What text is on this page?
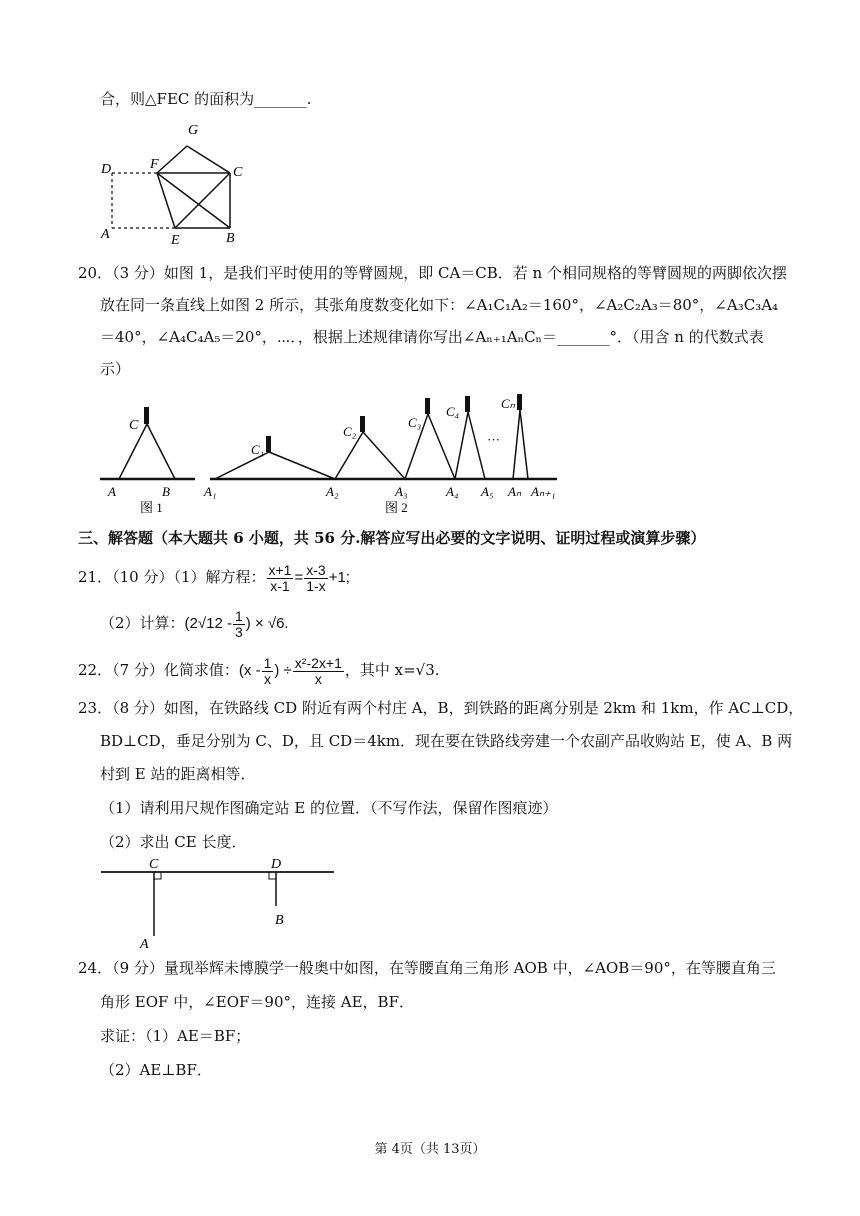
合，则△FEC 的面积为_______.
G
D	F
C
A	E	B
20．（3 分）如图 1，是我们平时使用的等臂圆规，即 CA＝CB．若 n 个相同规格的等臂圆规的两脚依次摆
放在同一条直线上如图 2 所示，其张角度数变化如下：∠A₁C₁A₂＝160°，∠A₂C₂A₃＝80°，∠A₃C₃A₄
＝40°，∠A₄C₄A₅＝20°，⋯．，根据上述规律请你写出∠Aₙ₊₁AₙCₙ＝_______°．（用含 n 的代数式表
示）
C
A	B
图 1
C₁
C₂
C₃
C₄
Cₙ
A₁	A₂	A₃	A₄ A₅ Aₙ Aₙ₊₁
···
图 2
三、解答题（本大题共 6 小题，共 56 分.解答应写出必要的文字说明、证明过程或演算步骤）
21．（10 分）（1）解方程： $\frac{x+1}{x-1} = \frac{x-3}{1-x} +1$;
（2）计算：($2√12 - \frac{1}{3}$ ) × √6.
22．（7 分）化简求值：($x - \frac{1}{x}$ ) ÷ $\frac{\text{x²-2x+1}}{x}$ ，其中 x=√3.
23．（8 分）如图，在铁路线 CD 附近有两个村庄 A，B，到铁路的距离分别是 2km 和 1km，作 AC⊥CD，
BD⊥CD，垂足分别为 C、D，且 CD＝4km．现在要在铁路线旁建一个农副产品收购站 E，使 A、B 两
村到 E 站的距离相等．
（1）请利用尺规作图确定站 E 的位置．（不写作法，保留作图痕迹）
（2）求出 CE 长度．
C	D
B
A
24．（9 分）量现举辉未博膜学一般奥中如图，在等腰直角三角形 AOB 中，∠AOB＝90°，在等腰直角三
角形 EOF 中，∠EOF＝90°，连接 AE，BF．
求证：（1）AE＝BF；
（2）AE⊥BF．
第 4页（共 13页）
